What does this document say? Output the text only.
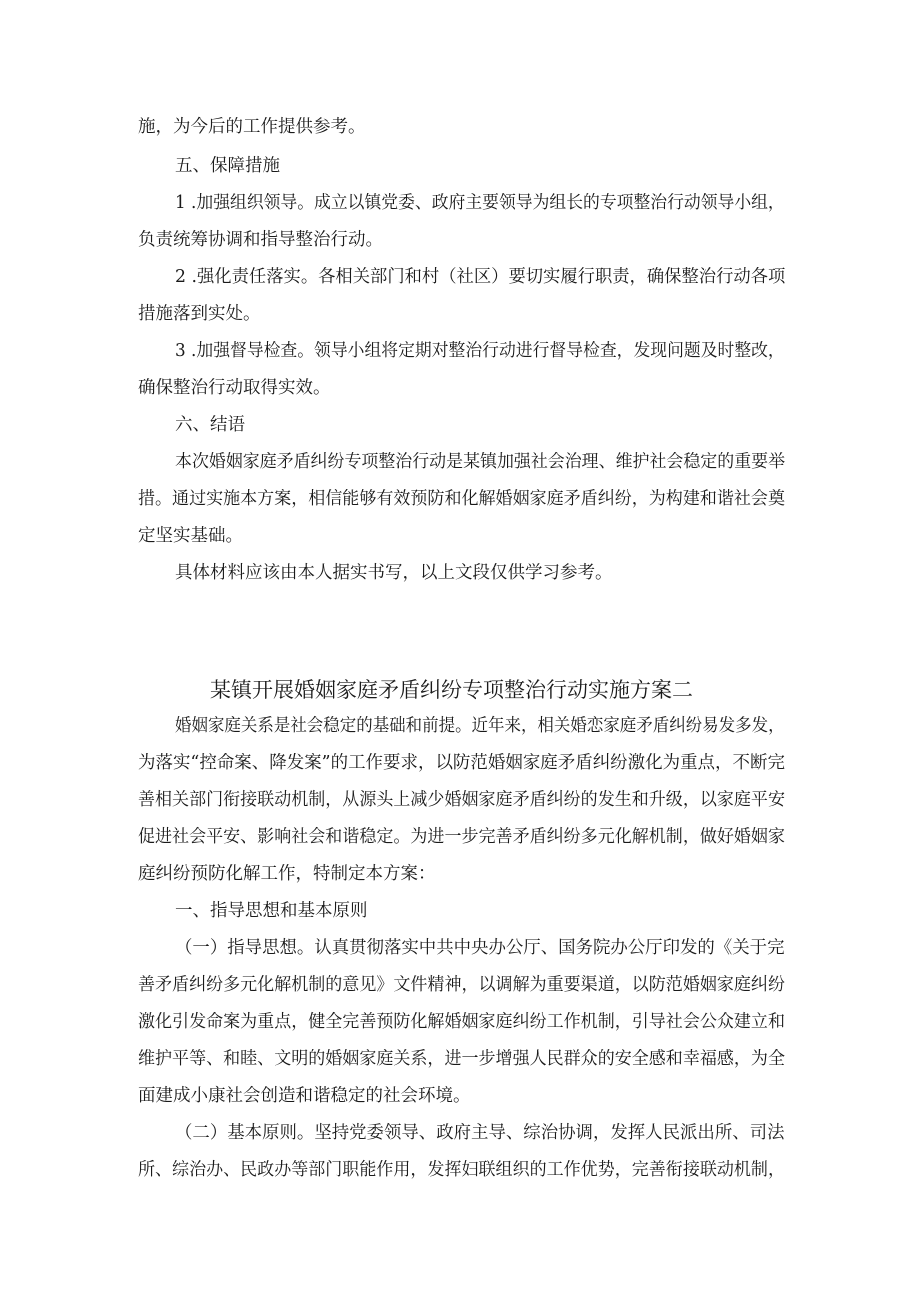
施，为今后的工作提供参考。

五、保障措施

1 .加强组织领导。成立以镇党委、政府主要领导为组长的专项整治行动领导小组，

负责统筹协调和指导整治行动。

2 .强化责任落实。各相关部门和村（社区）要切实履行职责，确保整治行动各项

措施落到实处。

3 .加强督导检查。领导小组将定期对整治行动进行督导检查，发现问题及时整改，

确保整治行动取得实效。

六、结语

本次婚姻家庭矛盾纠纷专项整治行动是某镇加强社会治理、维护社会稳定的重要举

措。通过实施本方案，相信能够有效预防和化解婚姻家庭矛盾纠纷，为构建和谐社会奠

定坚实基础。

具体材料应该由本人据实书写，以上文段仅供学习参考。

某镇开展婚姻家庭矛盾纠纷专项整治行动实施方案二

婚姻家庭关系是社会稳定的基础和前提。近年来，相关婚恋家庭矛盾纠纷易发多发，

为落实“控命案、降发案”的工作要求，以防范婚姻家庭矛盾纠纷激化为重点，不断完

善相关部门衔接联动机制，从源头上减少婚姻家庭矛盾纠纷的发生和升级，以家庭平安

促进社会平安、影响社会和谐稳定。为进一步完善矛盾纠纷多元化解机制，做好婚姻家

庭纠纷预防化解工作，特制定本方案：

一、指导思想和基本原则

（一）指导思想。认真贯彻落实中共中央办公厅、国务院办公厅印发的《关于完

善矛盾纠纷多元化解机制的意见》文件精神，以调解为重要渠道，以防范婚姻家庭纠纷

激化引发命案为重点，健全完善预防化解婚姻家庭纠纷工作机制，引导社会公众建立和

维护平等、和睦、文明的婚姻家庭关系，进一步增强人民群众的安全感和幸福感，为全

面建成小康社会创造和谐稳定的社会环境。

（二）基本原则。坚持党委领导、政府主导、综治协调，发挥人民派出所、司法

所、综治办、民政办等部门职能作用，发挥妇联组织的工作优势，完善衔接联动机制，
